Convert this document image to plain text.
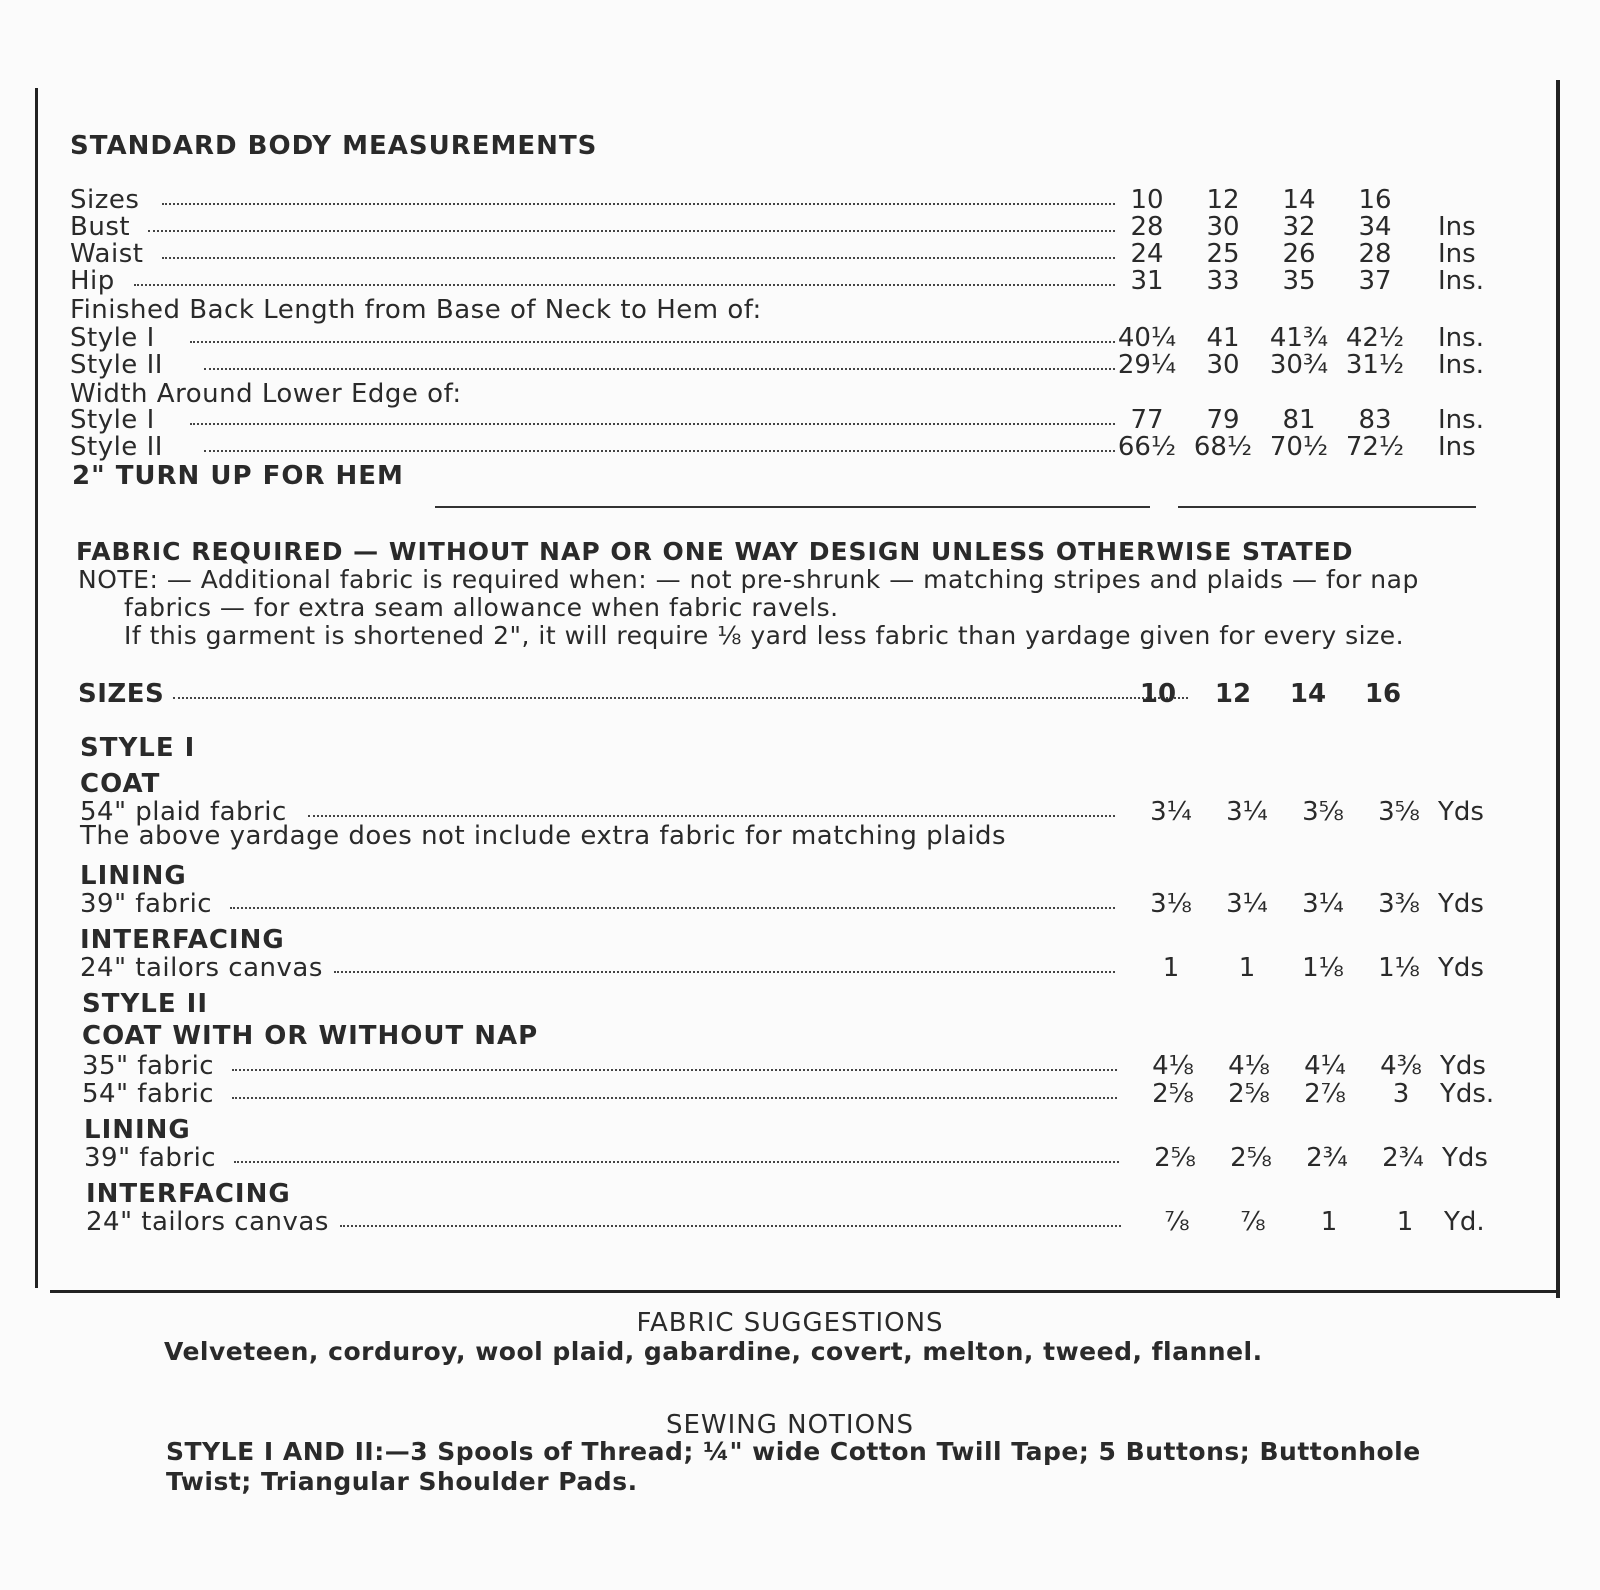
STANDARD BODY MEASUREMENTS
Sizes	10	12	14	16
Bust	28	30	32	34	Ins
Waist	24	25	26	28	Ins
Hip	31	33	35	37	Ins.
Finished Back Length from Base of Neck to Hem of:
Style I	40¼	41	41¾ 42½ Ins.
Style II	29¼	30	30¾ 31½ Ins.
Width Around Lower Edge of:
Style I	77	79	81	83	Ins.
Style II	66½ 68½ 70½ 72½ Ins
2" TURN UP FOR HEM
FABRIC REQUIRED — WITHOUT NAP OR ONE WAY DESIGN UNLESS OTHERWISE STATED
NOTE: — Additional fabric is required when: — not pre-shrunk — matching stripes and plaids — for nap
fabrics — for extra seam allowance when fabric ravels.
If this garment is shortened 2", it will require ⅛ yard less fabric than yardage given for every size.
SIZES	10	12	14	16
STYLE I
COAT
54" plaid fabric	3¼	3¼	3⅝	3⅝ Yds
The above yardage does not include extra fabric for matching plaids
LINING
39" fabric	3⅛	3¼	3¼	3⅜ Yds
INTERFACING
24" tailors canvas	1	1	1⅛	1⅛ Yds
STYLE II
COAT WITH OR WITHOUT NAP
35" fabric	4⅛	4⅛	4¼	4⅜ Yds
54" fabric	2⅝	2⅝	2⅞	3	Yds.
LINING
39" fabric	2⅝	2⅝	2¾	2¾ Yds
INTERFACING
24" tailors canvas	⅞	⅞	1	1	Yd.
FABRIC SUGGESTIONS
Velveteen, corduroy, wool plaid, gabardine, covert, melton, tweed, flannel.
SEWING NOTIONS
STYLE I AND II:—3 Spools of Thread; ¼" wide Cotton Twill Tape; 5 Buttons; Buttonhole
Twist; Triangular Shoulder Pads.
